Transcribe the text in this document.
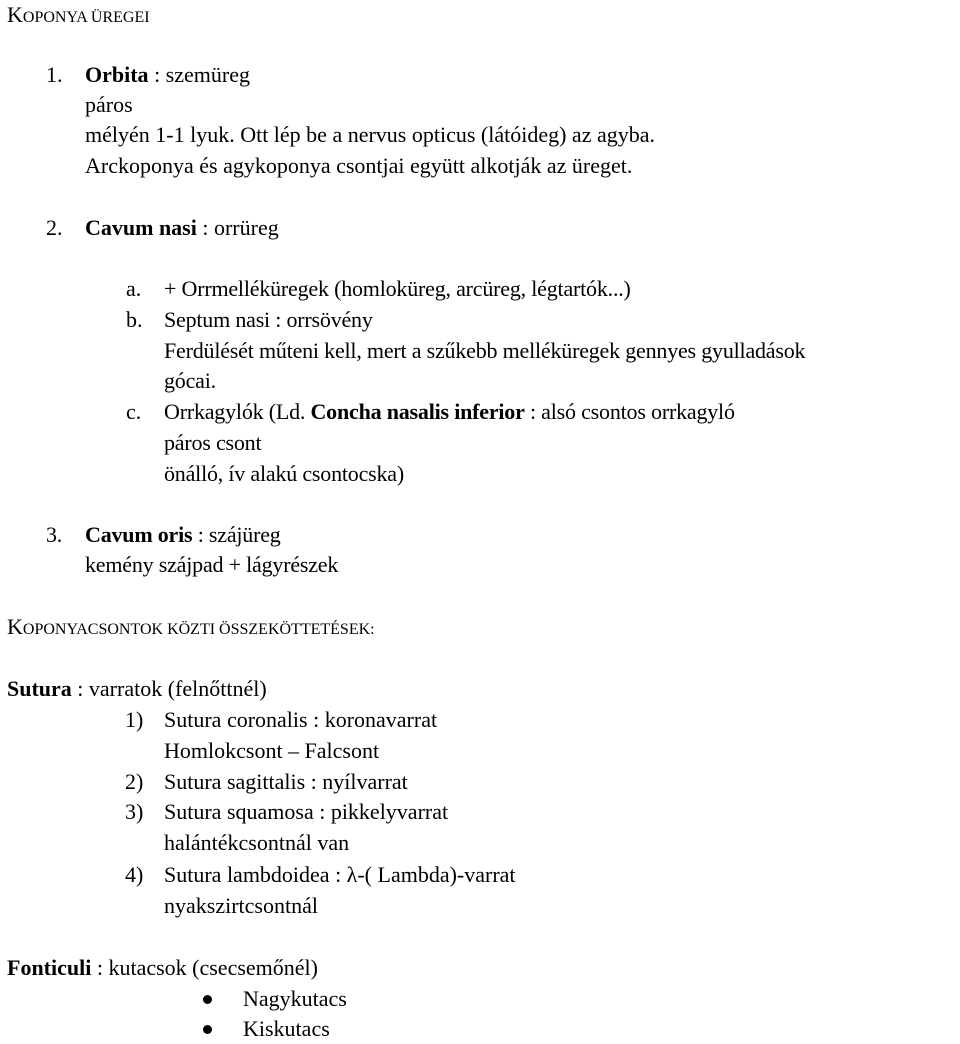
KOPONYA ÜREGEI
1. Orbita : szemüreg
páros
mélyén 1-1 lyuk. Ott lép be a nervus opticus (látóideg) az agyba.
Arckoponya és agykoponya csontjai együtt alkotják az üreget.
2. Cavum nasi : orrüreg
a. + Orrmelléküregek (homloküreg, arcüreg, légtartók...)
b. Septum nasi : orrsövény
Ferdülését műteni kell, mert a szűkebb melléküregek gennyes gyulladások
gócai.
c. Orrkagylók (Ld. Concha nasalis inferior : alsó csontos orrkagyló
páros csont
önálló, ív alakú csontocska)
3. Cavum oris : szájüreg
kemény szájpad + lágyrészek
KOPONYACSONTOK KÖZTI ÖSSZEKÖTTETÉSEK:
Sutura : varratok (felnőttnél)
1) Sutura coronalis : koronavarrat
Homlokcsont – Falcsont
2) Sutura sagittalis : nyílvarrat
3) Sutura squamosa : pikkelyvarrat
halántékcsontnál van
4) Sutura lambdoidea : λ-( Lambda)-varrat
nyakszirtcsontnál
Fonticuli : kutacsok (csecsemőnél)
Nagykutacs
Kiskutacs
